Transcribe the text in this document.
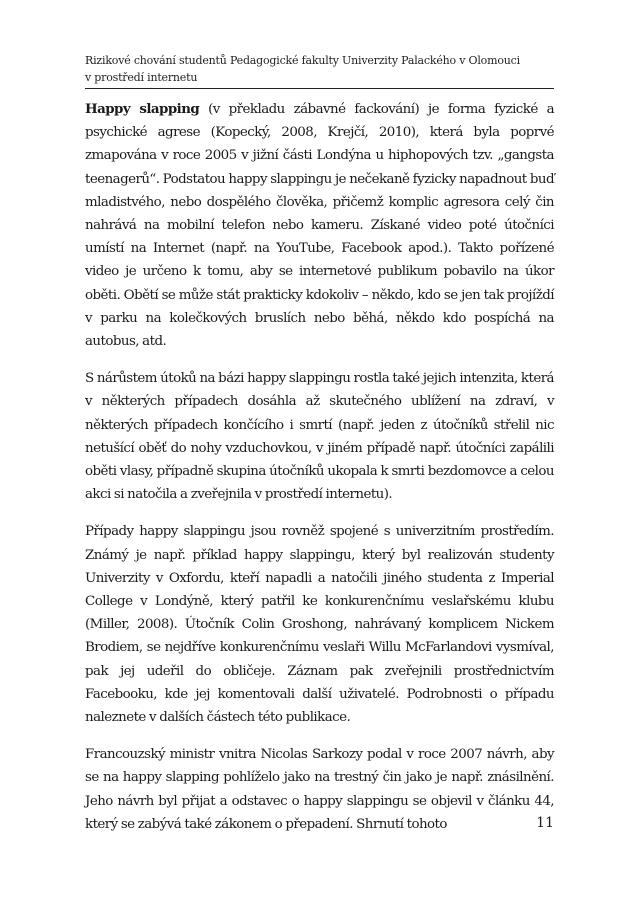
Rizikové chování studentů Pedagogické fakulty Univerzity Palackého v Olomouci
v prostředí internetu

Happy slapping (v překladu zábavné fackování) je forma fyzické a psychické agrese (Kopecký, 2008, Krejčí, 2010), která byla poprvé zmapována v roce 2005 v jižní části Londýna u hiphopových tzv. „gangsta teenagerů“. Podstatou happy slappingu je nečekaně fyzicky napadnout buď mladistvého, nebo dospělého člověka, přičemž komplic agresora celý čin nahrává na mobilní telefon nebo kameru. Získané video poté útočníci umístí na Internet (např. na YouTube, Facebook apod.). Takto pořízené video je určeno k tomu, aby se internetové publikum pobavilo na úkor oběti. Obětí se může stát prakticky kdokoliv – někdo, kdo se jen tak projíždí v parku na kolečkových bruslích nebo běhá, někdo kdo pospíchá na autobus, atd.

S nárůstem útoků na bázi happy slappingu rostla také jejich intenzita, která v některých případech dosáhla až skutečného ublížení na zdraví, v některých případech končícího i smrtí (např. jeden z útočníků střelil nic netušící oběť do nohy vzduchovkou, v jiném případě např. útočníci zapálili oběti vlasy, případně skupina útočníků ukopala k smrti bezdomovce a celou akci si natočila a zveřejnila v prostředí internetu).

Případy happy slappingu jsou rovněž spojené s univerzitním prostředím. Známý je např. příklad happy slappingu, který byl realizován studenty Univerzity v Oxfordu, kteří napadli a natočili jiného studenta z Imperial College v Londýně, který patřil ke konkurenčnímu veslařskému klubu (Miller, 2008). Útočník Colin Groshong, nahrávaný komplicem Nickem Brodiem, se nejdříve konkurenčnímu veslaři Willu McFarlandovi vysmíval, pak jej udeřil do obličeje. Záznam pak zveřejnili prostřednictvím Facebooku, kde jej komentovali další uživatelé. Podrobnosti o případu naleznete v dalších částech této publikace.

Francouzský ministr vnitra Nicolas Sarkozy podal v roce 2007 návrh, aby se na happy slapping pohlíželo jako na trestný čin jako je např. znásilnění. Jeho návrh byl přijat a odstavec o happy slappingu se objevil v článku 44, který se zabývá také zákonem o přepadení. Shrnutí tohoto	11
